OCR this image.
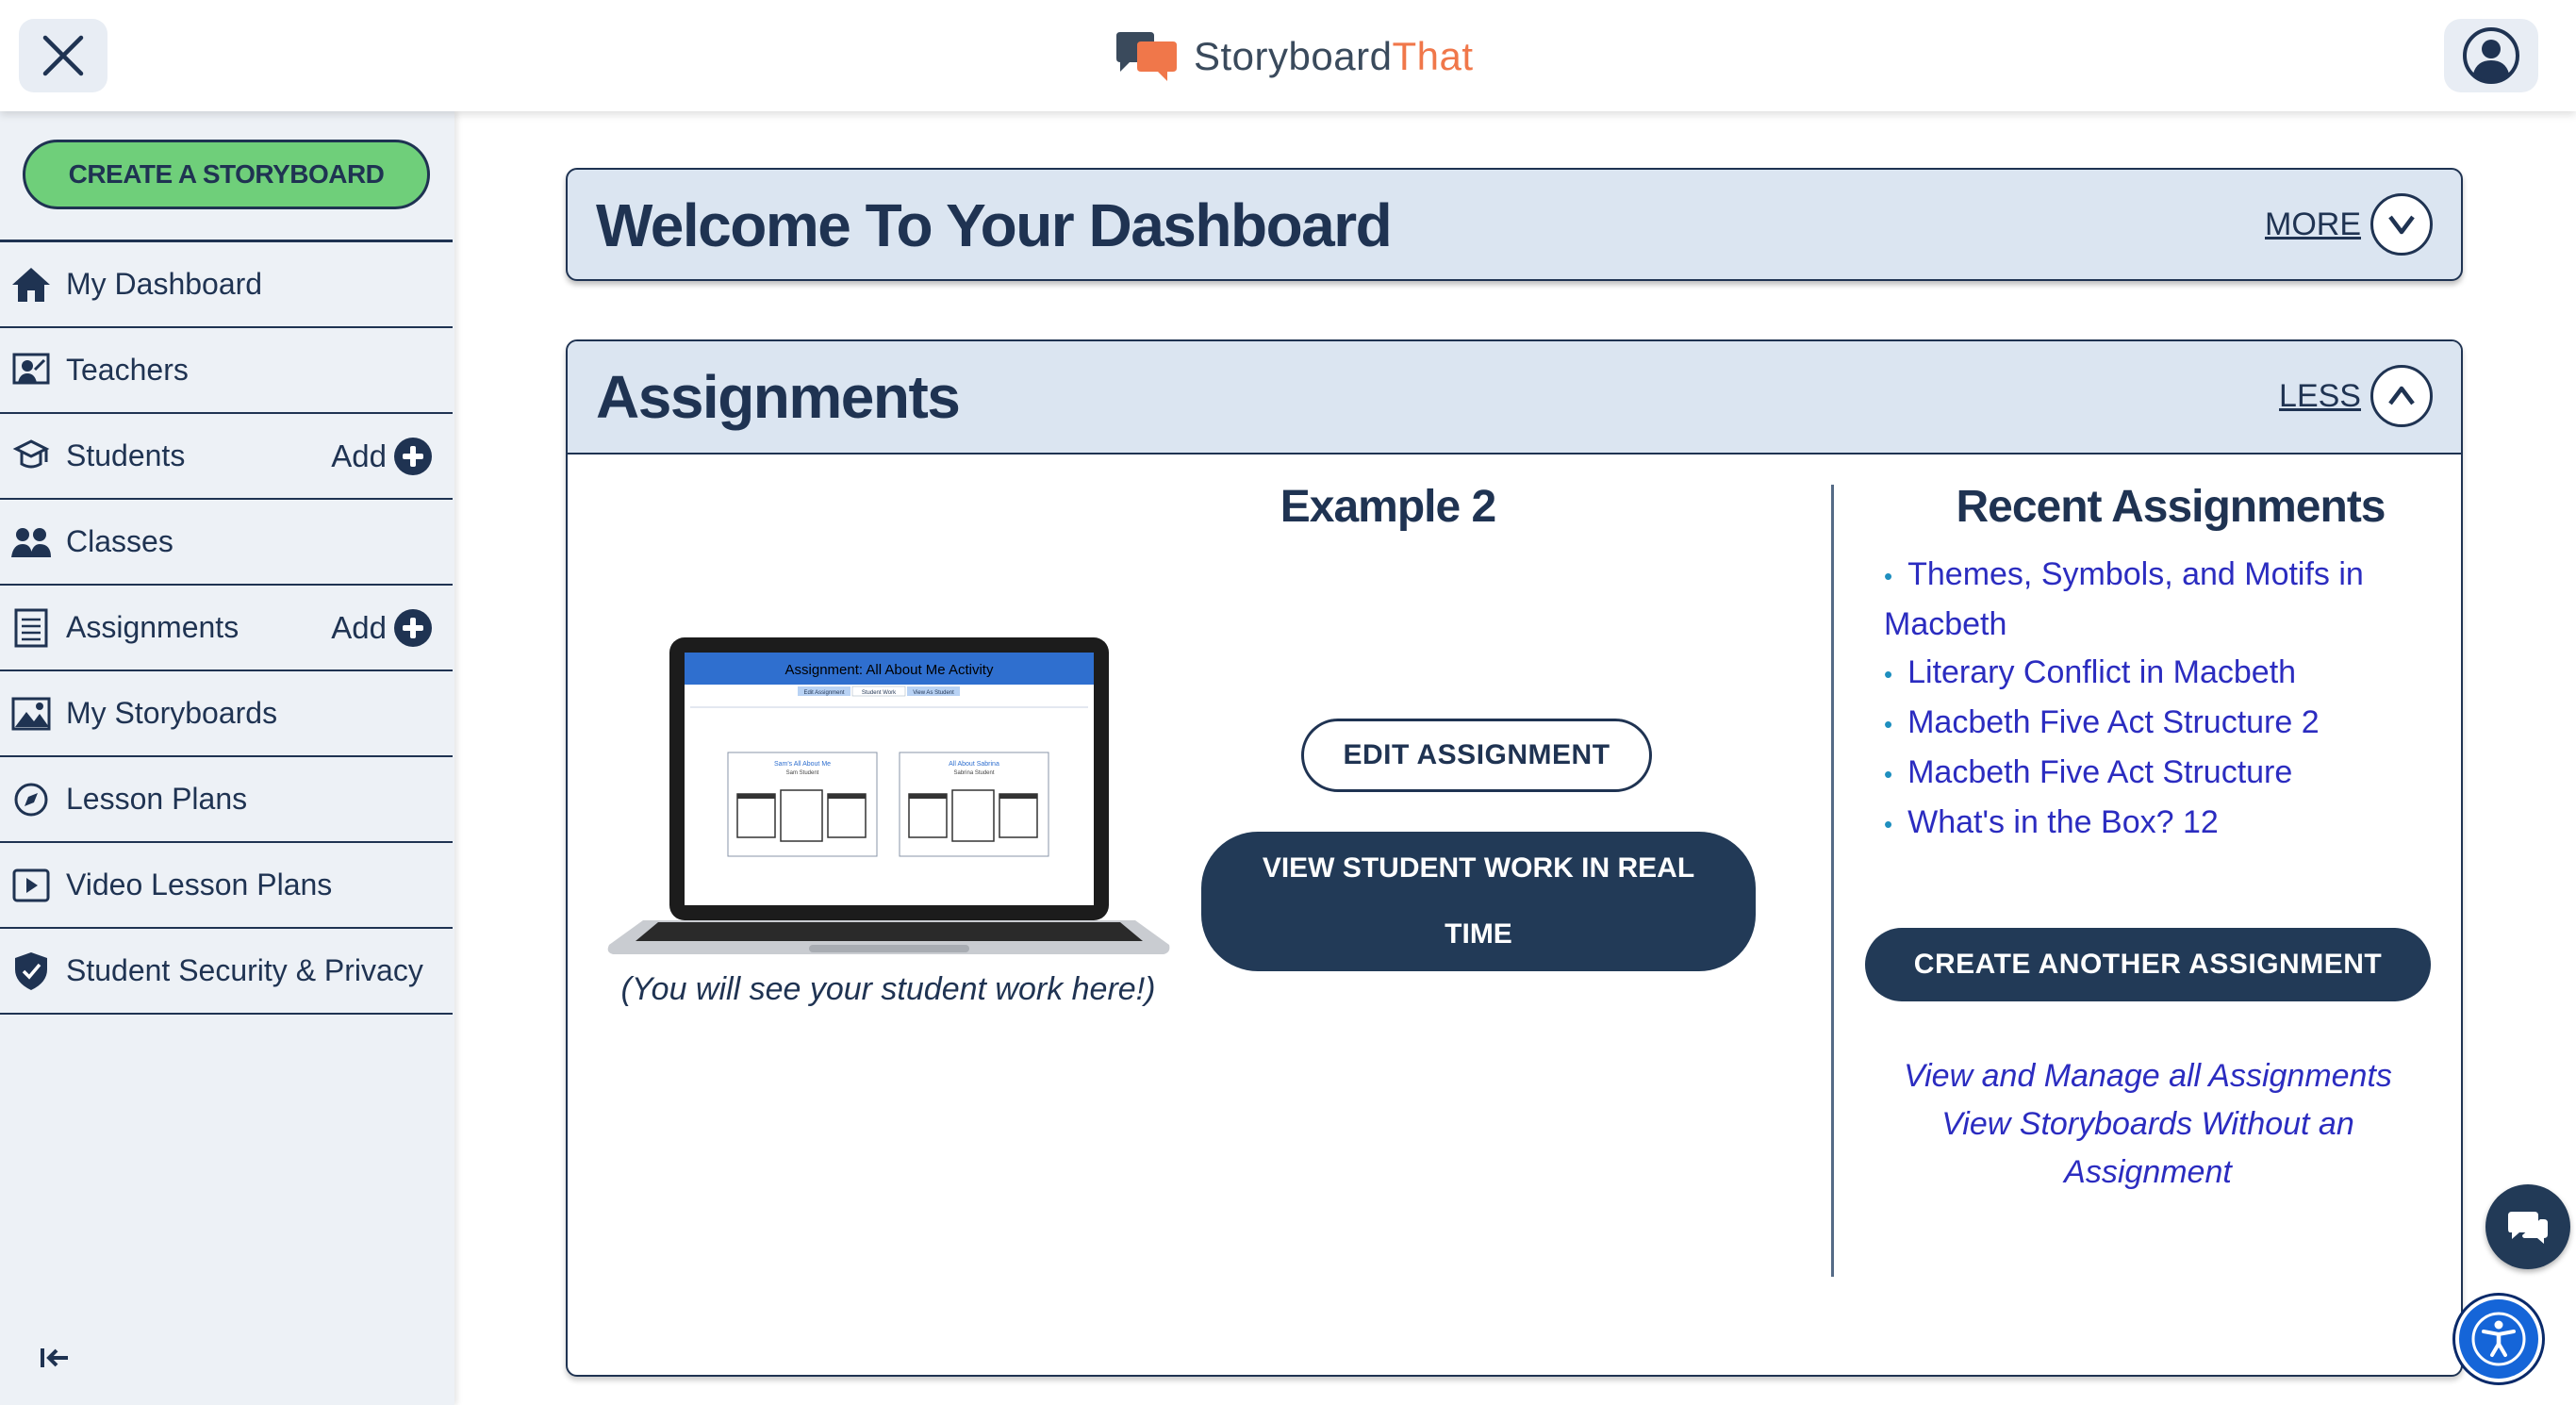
StoryboardThat
CREATE A STORYBOARD
My Dashboard
Teachers
Students	Add
Classes
Assignments	Add
My Storyboards
Lesson Plans
Video Lesson Plans
Student Security & Privacy
Welcome To Your Dashboard	MORE
Assignments	LESS
Example 2
Assignment: All About Me Activity
Edit Assignment	Student Work	View As Student
Sam's All About Me
Sam Student
All About Sabrina
Sabrina Student
(You will see your student work here!)
EDIT ASSIGNMENT
VIEW STUDENT WORK IN REAL TIME
Recent Assignments
• Themes, Symbols, and Motifs in Macbeth
• Literary Conflict in Macbeth
• Macbeth Five Act Structure 2
• Macbeth Five Act Structure
• What's in the Box? 12
CREATE ANOTHER ASSIGNMENT
View and Manage all Assignments
View Storyboards Without an Assignment
